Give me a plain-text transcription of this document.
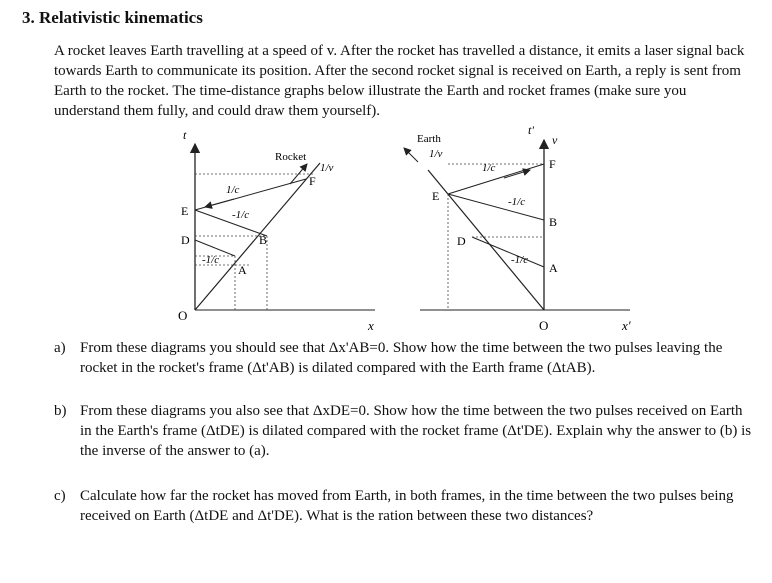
3. Relativistic kinematics
A rocket leaves Earth travelling at a speed of v. After the rocket has travelled a distance, it emits a laser signal back towards Earth to communicate its position. After the second rocket signal is received on Earth, a reply is sent from Earth to the rocket. The time-distance graphs below illustrate the Earth and rocket frames (make sure you understand them fully, and could draw them yourself).
t
O
x
Rocket
1/v
1/c
-1/c
-1/c
E
D
F
B
A
t'
v
O	x'
Earth
1/v
1/c
-1/c
-1/c
E
D
F
B
A
a) From these diagrams you should see that Δx'AB=0. Show how the time between the two pulses leaving the rocket in the rocket's frame (Δt'AB) is dilated compared with the Earth frame (ΔtAB).
b) From these diagrams you also see that ΔxDE=0. Show how the time between the two pulses received on Earth in the Earth's frame (ΔtDE) is dilated compared with the rocket frame (Δt'DE). Explain why the answer to (b) is the inverse of the answer to (a).
c) Calculate how far the rocket has moved from Earth, in both frames, in the time between the two pulses being received on Earth (ΔtDE and Δt'DE). What is the ration between these two distances?
